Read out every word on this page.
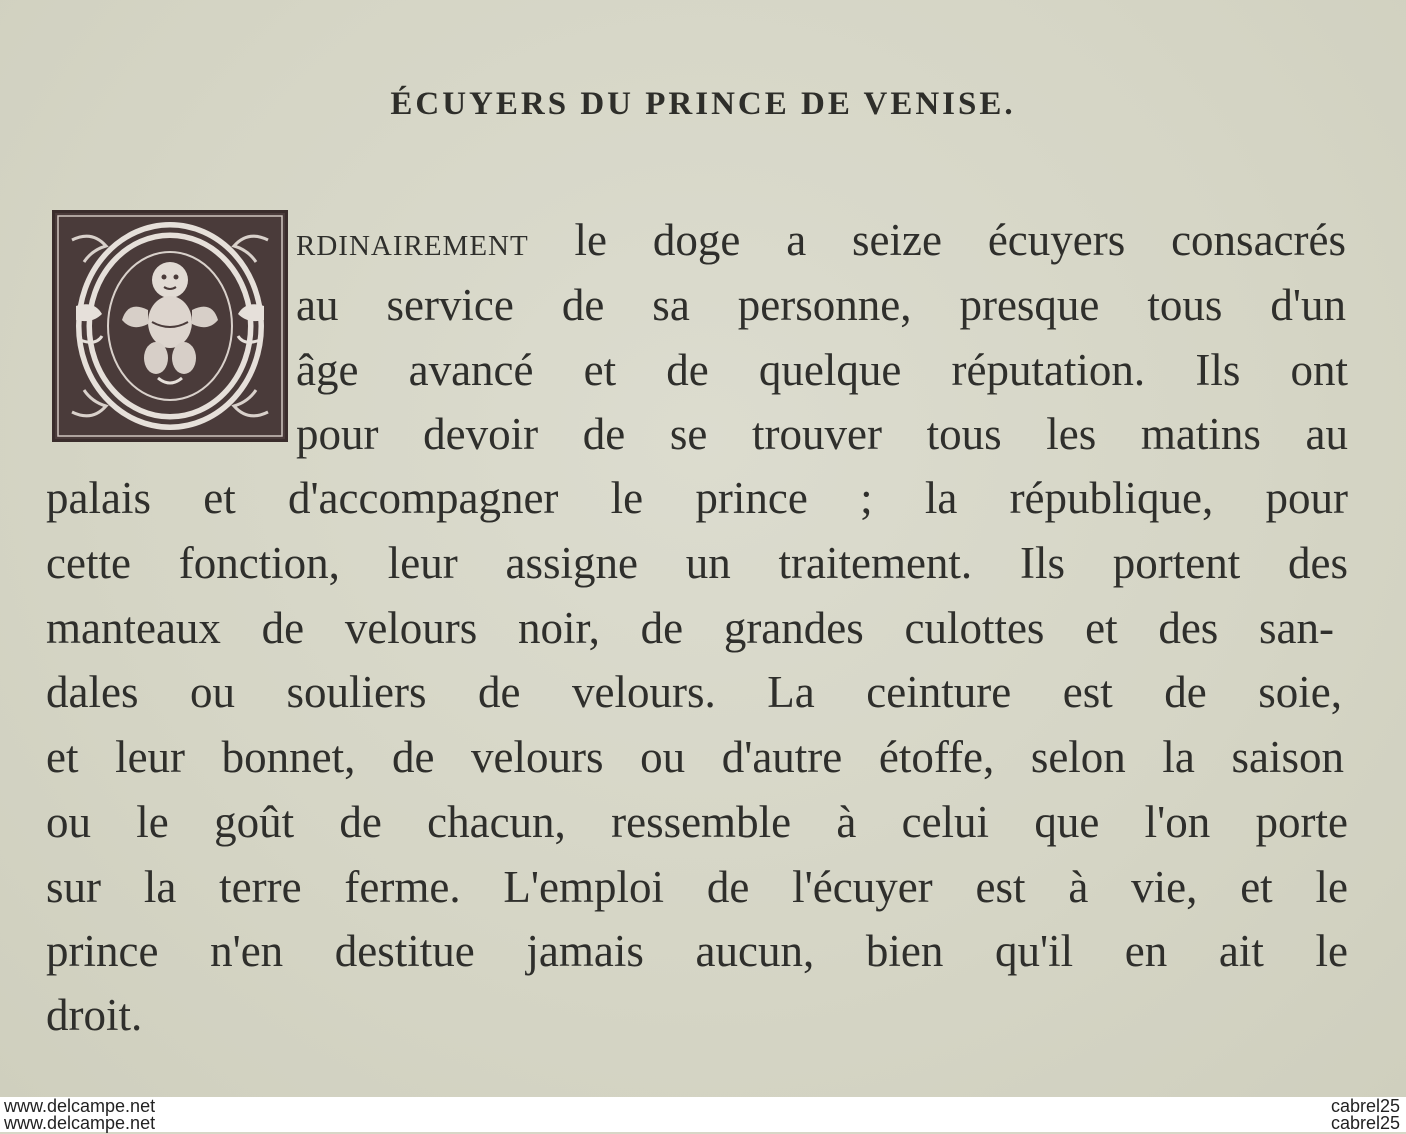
ÉCUYERS DU PRINCE DE VENISE.
RDINAIREMENT le doge a seize écuyers consacrés
au service de sa personne, presque tous d'un
âge avancé et de quelque réputation. Ils ont
pour devoir de se trouver tous les matins au
palais et d'accompagner le prince ; la république, pour
cette fonction, leur assigne un traitement. Ils portent des
manteaux de velours noir, de grandes culottes et des san-
dales ou souliers de velours. La ceinture est de soie,
et leur bonnet, de velours ou d'autre étoffe, selon la saison
ou le goût de chacun, ressemble à celui que l'on porte
sur la terre ferme. L'emploi de l'écuyer est à vie, et le
prince n'en destitue jamais aucun, bien qu'il en ait le
droit.
www.delcampe.net
www.delcampe.net
cabrel25
cabrel25
